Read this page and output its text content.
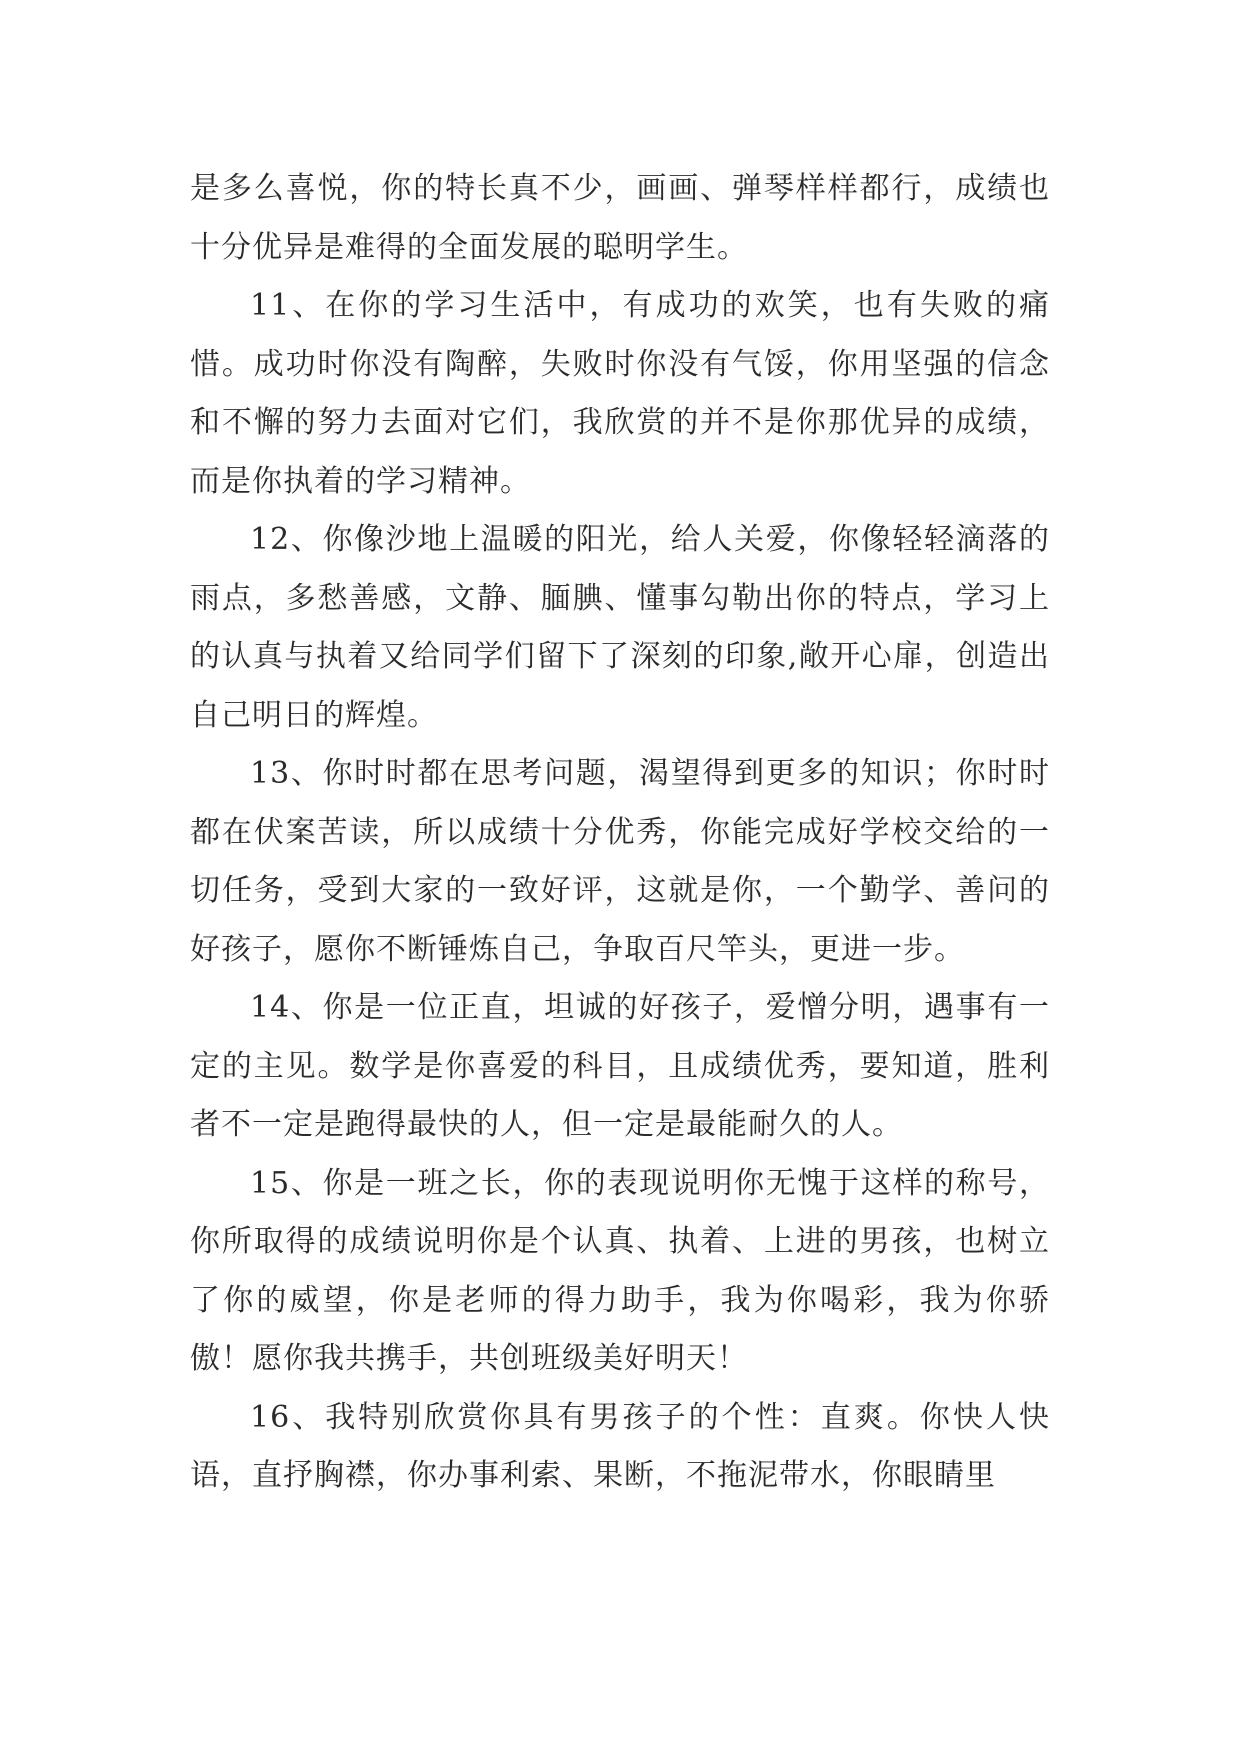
是多么喜悦，你的特长真不少，画画、弹琴样样都行，成绩也十分优异是难得的全面发展的聪明学生。

11、在你的学习生活中，有成功的欢笑，也有失败的痛惜。成功时你没有陶醉，失败时你没有气馁，你用坚强的信念和不懈的努力去面对它们，我欣赏的并不是你那优异的成绩，而是你执着的学习精神。

12、你像沙地上温暖的阳光，给人关爱，你像轻轻滴落的雨点，多愁善感，文静、腼腆、懂事勾勒出你的特点，学习上的认真与执着又给同学们留下了深刻的印象,敞开心扉，创造出自己明日的辉煌。

13、你时时都在思考问题，渴望得到更多的知识；你时时都在伏案苦读，所以成绩十分优秀，你能完成好学校交给的一切任务，受到大家的一致好评，这就是你，一个勤学、善问的好孩子，愿你不断锤炼自己，争取百尺竿头，更进一步。

14、你是一位正直，坦诚的好孩子，爱憎分明，遇事有一定的主见。数学是你喜爱的科目，且成绩优秀，要知道，胜利者不一定是跑得最快的人，但一定是最能耐久的人。

15、你是一班之长，你的表现说明你无愧于这样的称号，你所取得的成绩说明你是个认真、执着、上进的男孩，也树立了你的威望，你是老师的得力助手，我为你喝彩，我为你骄傲！愿你我共携手，共创班级美好明天！

16、我特别欣赏你具有男孩子的个性：直爽。你快人快语，直抒胸襟，你办事利索、果断，不拖泥带水，你眼睛里
